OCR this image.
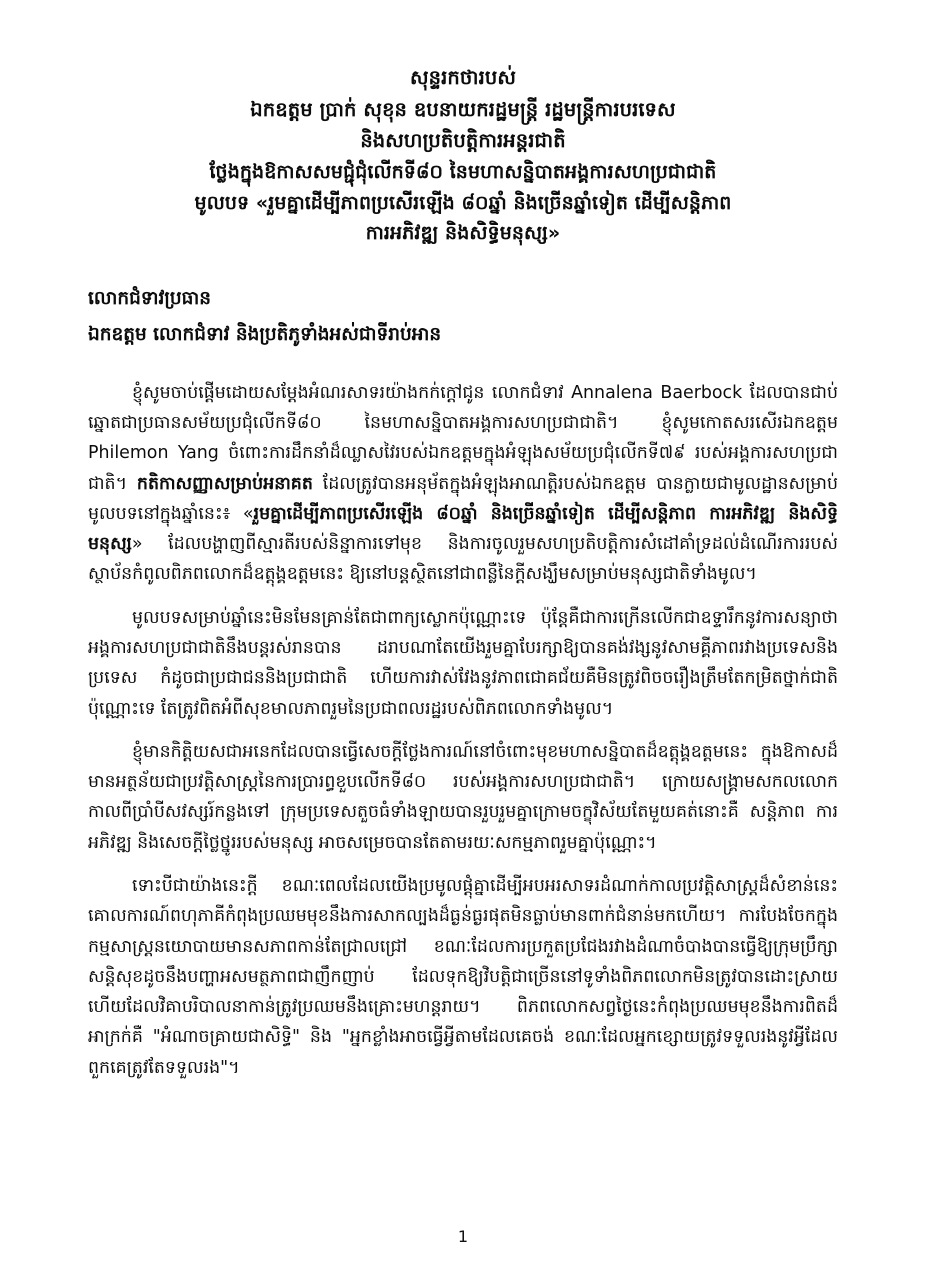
សុន្ទរកថារបស់
ឯកឧត្តម ប្រាក់ សុខុន ឧបនាយករដ្ឋមន្ត្រី រដ្ឋមន្ត្រីការបរទេស
និងសហប្រតិបត្តិការអន្តរជាតិ
ថ្លែងក្នុងឱកាសសមជ្ជុំជុំលើកទី៨០ នៃមហាសន្និបាតអង្គការសហប្រជាជាតិ
មូលបទ «រួមគ្នាដើម្បីភាពប្រសើរឡើង ៨០ឆ្នាំ និងច្រើនឆ្នាំទៀត ដើម្បីសន្តិភាព
ការអភិវឌ្ឍ និងសិទ្ធិមនុស្ស»
លោកជំទាវប្រធាន
ឯកឧត្តម លោកជំទាវ និងប្រតិភូទាំងអស់ជាទីរាប់អាន

ខ្ញុំសូមចាប់ផ្ដើមដោយសម្ដែងអំណរសាទរយ៉ាងកក់ក្ដៅជូន លោកជំទាវ Annalena Baerbock ដែលបានជាប់ឆ្នោតជាប្រធានសម័យប្រជុំលើកទី៨០ នៃមហាសន្និបាតអង្គការសហប្រជាជាតិ។ ខ្ញុំសូមកោតសរសើរឯកឧត្តម Philemon Yang ចំពោះការដឹកនាំដ៏ឈ្លាសវៃរបស់ឯកឧត្តមក្នុងអំឡុងសម័យប្រជុំលើកទី៧៩ របស់អង្គការសហប្រជាជាតិ។ កតិកាសញ្ញាសម្រាប់អនាគត ដែលត្រូវបានអនុម័តក្នុងអំឡុងអាណត្តិរបស់ឯកឧត្តម បានក្លាយជាមូលដ្ឋានសម្រាប់មូលបទនៅក្នុងឆ្នាំនេះ៖ «រួមគ្នាដើម្បីភាពប្រសើរឡើង ៨០ឆ្នាំ និងច្រើនឆ្នាំទៀត ដើម្បីសន្តិភាព ការអភិវឌ្ឍ និងសិទ្ធិមនុស្ស» ដែលបង្ហាញពីស្មារតីរបស់និន្នាការទៅមុខ និងការចូលរួមសហប្រតិបត្តិការសំដៅគាំទ្រដល់ដំណើរការរបស់ស្ថាប័នកំពូលពិភពលោកដ៏ឧត្តុង្គឧត្តមនេះ ឱ្យនៅបន្តស្ថិតនៅជាពន្លឺនៃក្ដីសង្ឃឹមសម្រាប់មនុស្សជាតិទាំងមូល។

មូលបទសម្រាប់ឆ្នាំនេះមិនមែនគ្រាន់តែជាពាក្យស្លោកប៉ុណ្ណោះទេ ប៉ុន្តែគឺជាការក្រើនលើកជាឧទ្ទារឹកនូវការសន្យាថា អង្គការសហប្រជាជាតិនឹងបន្តរស់រានបាន ដរាបណាតែយើងរួមគ្នាបែរក្សាឱ្យបានគង់វង្សនូវសាមគ្គីភាពរវាងប្រទេសនិងប្រទេស កំដូចជាប្រជាជននិងប្រជាជាតិ ហើយការវាស់វែងនូវភាពជោគជ័យគឺមិនត្រូវពិចចរឿងត្រឹមតែកម្រិតថ្នាក់ជាតិប៉ុណ្ណោះទេ តែត្រូវពិតអំពីសុខមាលភាពរួមនៃប្រជាពលរដ្ឋរបស់ពិភពលោកទាំងមូល។

ខ្ញុំមានកិត្តិយសជាអនេកដែលបានធ្វើសេចក្ដីថ្លែងការណ៍នៅចំពោះមុខមហាសន្និបាតដ៏ឧត្តុង្គឧត្តមនេះ ក្នុងឱកាសដ៏មានអត្ថន័យជាប្រវត្តិសាស្ត្រនៃការប្រារព្ធខួបលើកទី៨០ របស់អង្គការសហប្រជាជាតិ។ ក្រោយសង្គ្រាមសកលលោកកាលពីប្រាំបីសវស្សរ៍កន្លងទៅ ក្រុមប្រទេសតួចធំទាំងឡាយបានរួបរួមគ្នាក្រោមចក្ខុវិស័យតែមួយគត់នោះគឺ សន្តិភាព ការអភិវឌ្ឍ និងសេចក្ដីថ្លៃថ្នូររបស់មនុស្ស អាចសម្រេចបានតែតាមរយៈសកម្មភាពរួមគ្នាប៉ុណ្ណោះ។

ទោះបីជាយ៉ាងនេះក្ដី ខណៈពេលដែលយើងប្រមូលផ្ដុំគ្នាដើម្បីអបអរសាទរដំណាក់កាលប្រវត្តិសាស្ត្រដ៏សំខាន់នេះ គោលការណ៍ពហុភាគីកំពុងប្រឈមមុខនឹងការសាកល្បងដ៏ធ្ងន់ធ្ងរផុតមិនធ្លាប់មានពាក់ជំនាន់មកហើយ។ ការបែងចែកក្នុងកម្មសាស្ត្រនយោបាយមានសភាពកាន់តែជ្រាលជ្រៅ ខណៈដែលការប្រកួតប្រជែងរវាងដំណាចំបាងបានធ្វើឱ្យក្រុមប្រឹក្សាសន្តិសុខដូចនឹងបញ្ហាអសមត្ថភាពជាញឹកញាប់ ដែលទុកឱ្យវិបត្តិជាច្រើននៅទូទាំងពិភពលោកមិនត្រូវបានដោះស្រាយ ហើយដែលវិគាបរិបាលនាកាន់ត្រូវប្រឈមនឹងគ្រោះមហន្តរាយ។ ពិភពលោកសព្វថ្ងៃនេះកំពុងប្រឈមមុខនឹងការពិតដ៏អាក្រក់គឺ "អំណាចគ្រាយជាសិទ្ធិ" និង "អ្នកខ្លាំងអាចធ្វើអ្វីតាមដែលគេចង់ ខណៈដែលអ្នកខ្សោយត្រូវទទួលរងនូវអ្វីដែលពួកគេត្រូវតែទទួលរង"។

1
